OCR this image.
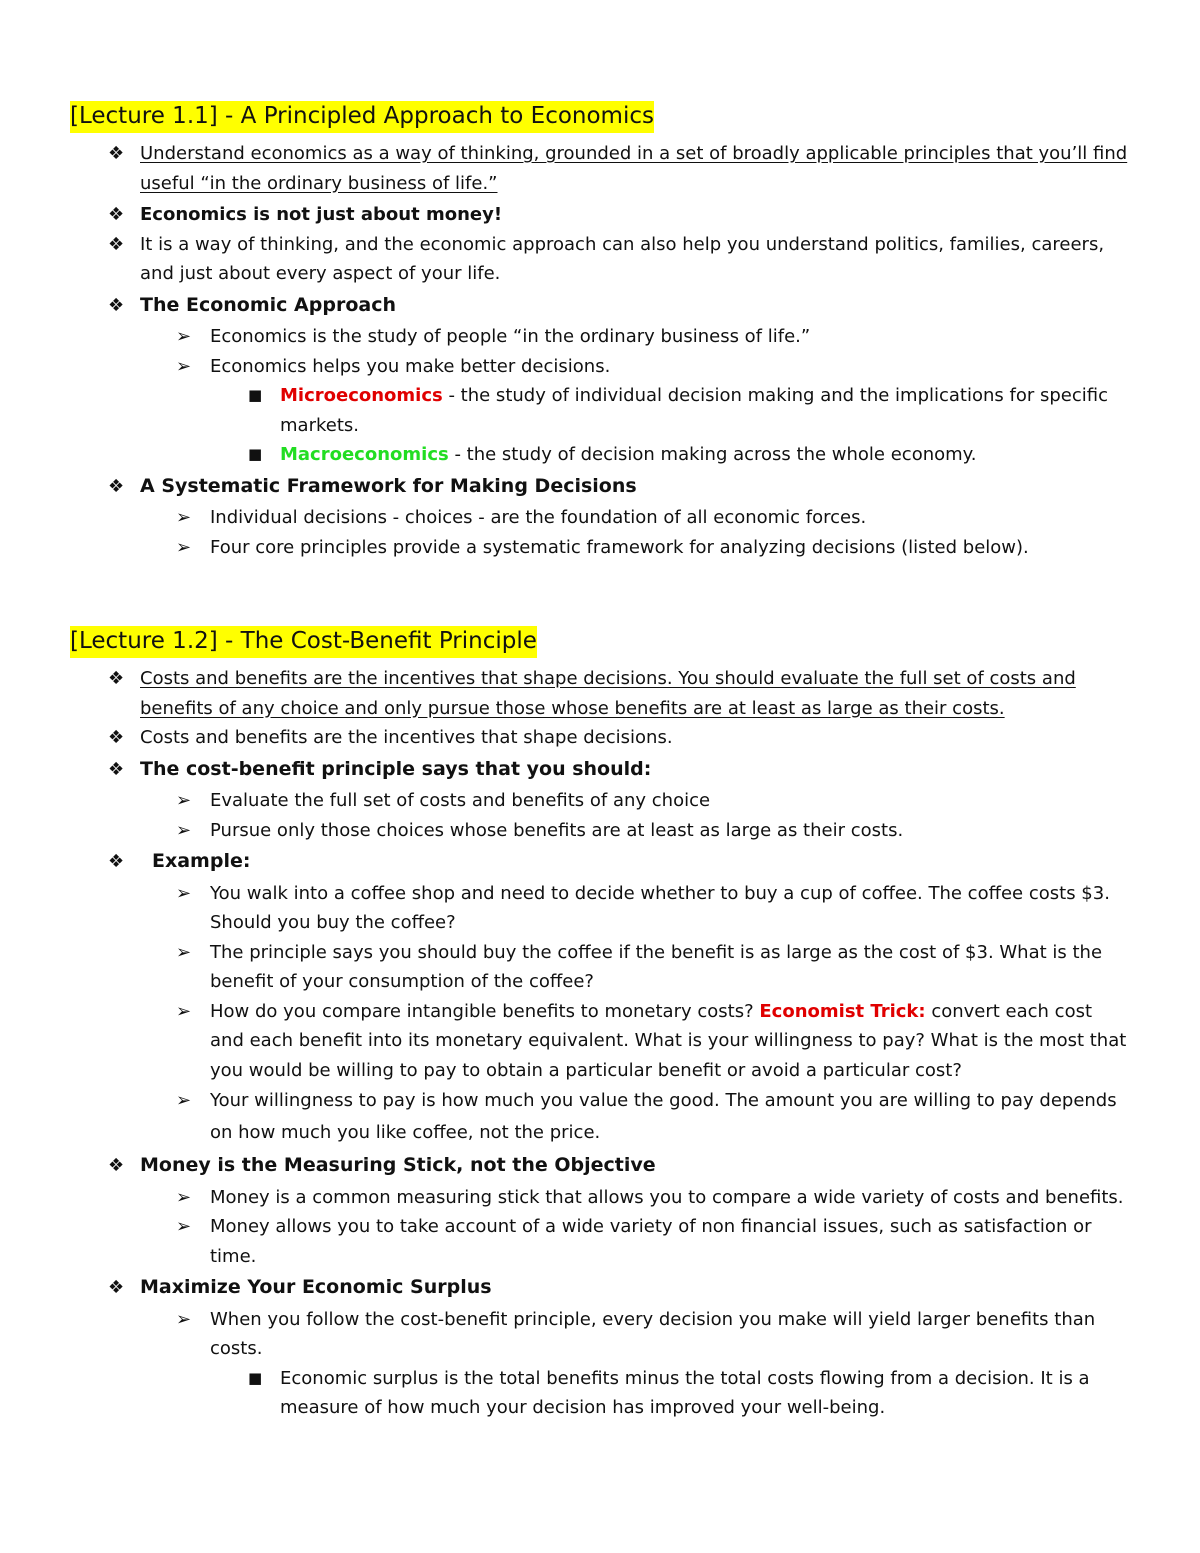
[Lecture 1.1] - A Principled Approach to Economics
❖ Understand economics as a way of thinking, grounded in a set of broadly applicable principles that you’ll find useful “in the ordinary business of life.”
❖ Economics is not just about money!
❖ It is a way of thinking, and the economic approach can also help you understand politics, families, careers, and just about every aspect of your life.
❖ The Economic Approach
➢ Economics is the study of people “in the ordinary business of life.”
➢ Economics helps you make better decisions.
■ Microeconomics - the study of individual decision making and the implications for specific markets.
■ Macroeconomics - the study of decision making across the whole economy.
❖ A Systematic Framework for Making Decisions
➢ Individual decisions - choices - are the foundation of all economic forces.
➢ Four core principles provide a systematic framework for analyzing decisions (listed below).
[Lecture 1.2] - The Cost-Benefit Principle
❖ Costs and benefits are the incentives that shape decisions. You should evaluate the full set of costs and benefits of any choice and only pursue those whose benefits are at least as large as their costs.
❖ Costs and benefits are the incentives that shape decisions.
❖ The cost-benefit principle says that you should:
➢ Evaluate the full set of costs and benefits of any choice
➢ Pursue only those choices whose benefits are at least as large as their costs.
❖ Example:
➢ You walk into a coffee shop and need to decide whether to buy a cup of coffee. The coffee costs $3. Should you buy the coffee?
➢ The principle says you should buy the coffee if the benefit is as large as the cost of $3. What is the benefit of your consumption of the coffee?
➢ How do you compare intangible benefits to monetary costs? Economist Trick: convert each cost and each benefit into its monetary equivalent. What is your willingness to pay? What is the most that you would be willing to pay to obtain a particular benefit or avoid a particular cost?
➢ Your willingness to pay is how much you value the good. The amount you are willing to pay depends on how much you like coffee, not the price.
❖ Money is the Measuring Stick, not the Objective
➢ Money is a common measuring stick that allows you to compare a wide variety of costs and benefits.
➢ Money allows you to take account of a wide variety of non financial issues, such as satisfaction or time.
❖ Maximize Your Economic Surplus
➢ When you follow the cost-benefit principle, every decision you make will yield larger benefits than costs.
■ Economic surplus is the total benefits minus the total costs flowing from a decision. It is a measure of how much your decision has improved your well-being.
